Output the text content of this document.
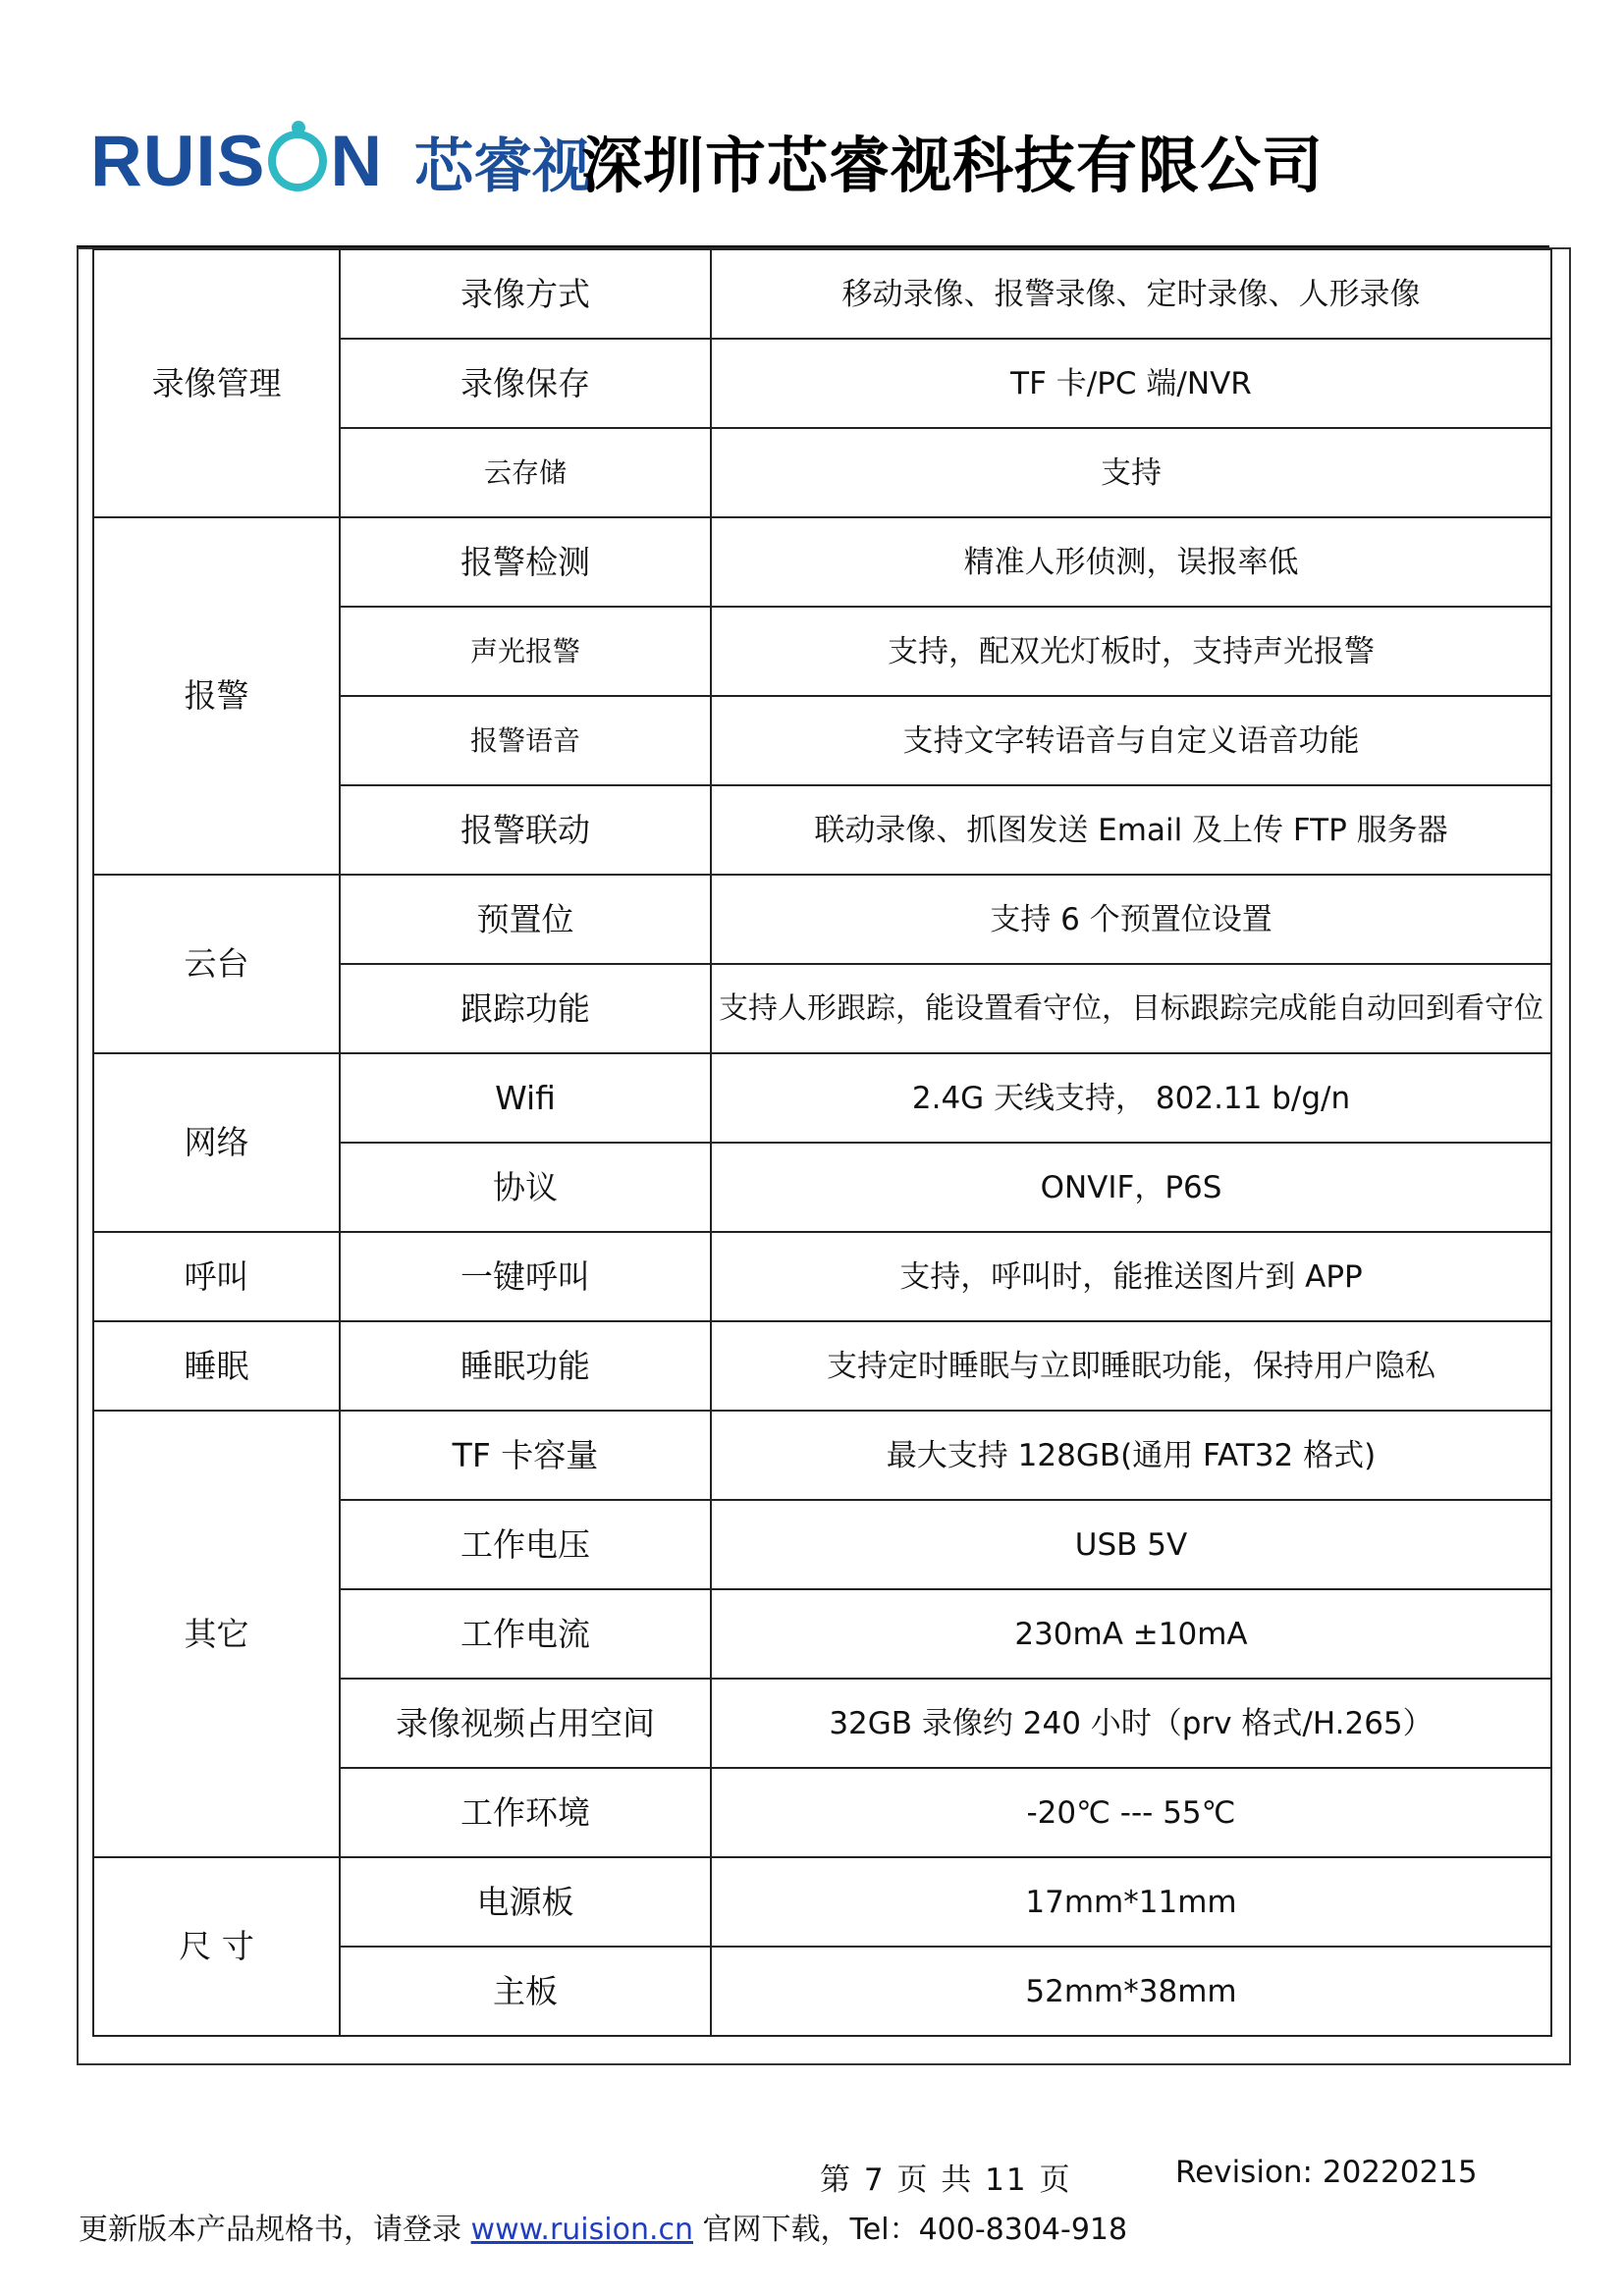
RUIS N 芯睿视
深圳市芯睿视科技有限公司
录像管理	录像方式	移动录像、报警录像、定时录像、人形录像
	录像保存	TF 卡/PC 端/NVR
	云存储	支持
报警	报警检测	精准人形侦测，误报率低
	声光报警	支持，配双光灯板时，支持声光报警
	报警语音	支持文字转语音与自定义语音功能
	报警联动	联动录像、抓图发送 Email 及上传 FTP 服务器
云台	预置位	支持 6 个预置位设置
	跟踪功能	支持人形跟踪，能设置看守位，目标跟踪完成能自动回到看守位
网络	Wifi	2.4G 天线支持， 802.11 b/g/n
	协议	ONVIF，P6S
呼叫	一键呼叫	支持，呼叫时，能推送图片到 APP
睡眠	睡眠功能	支持定时睡眠与立即睡眠功能，保持用户隐私
其它	TF 卡容量	最大支持 128GB(通用 FAT32 格式)
	工作电压	USB 5V
	工作电流	230mA ±10mA
	录像视频占用空间	32GB 录像约 240 小时（prv 格式/H.265）
	工作环境	-20℃ --- 55℃
尺 寸	电源板	17mm*11mm
	主板	52mm*38mm
第 7 页 共 11 页	Revision: 20220215
更新版本产品规格书，请登录 www.ruision.cn 官网下载，Tel：400-8304-918
